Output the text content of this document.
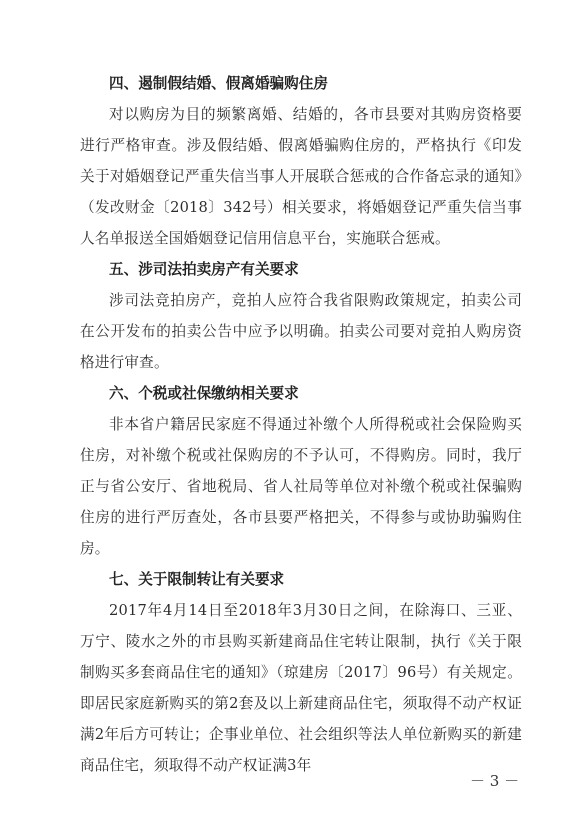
四、遏制假结婚、假离婚骗购住房
对以购房为目的频繁离婚、结婚的，各市县要对其购房资格要进行严格审查。涉及假结婚、假离婚骗购住房的，严格执行《印发关于对婚姻登记严重失信当事人开展联合惩戒的合作备忘录的通知》（发改财金〔2018〕342号）相关要求，将婚姻登记严重失信当事人名单报送全国婚姻登记信用信息平台，实施联合惩戒。
五、涉司法拍卖房产有关要求
涉司法竞拍房产，竞拍人应符合我省限购政策规定，拍卖公司在公开发布的拍卖公告中应予以明确。拍卖公司要对竞拍人购房资格进行审查。
六、个税或社保缴纳相关要求
非本省户籍居民家庭不得通过补缴个人所得税或社会保险购买住房，对补缴个税或社保购房的不予认可，不得购房。同时，我厅正与省公安厅、省地税局、省人社局等单位对补缴个税或社保骗购住房的进行严厉查处，各市县要严格把关，不得参与或协助骗购住房。
七、关于限制转让有关要求
2017年4月14日至2018年3月30日之间，在除海口、三亚、万宁、陵水之外的市县购买新建商品住宅转让限制，执行《关于限制购买多套商品住宅的通知》（琼建房〔2017〕96号）有关规定。即居民家庭新购买的第2套及以上新建商品住宅，须取得不动产权证满2年后方可转让；企事业单位、社会组织等法人单位新购买的新建商品住宅，须取得不动产权证满3年
－ 3 －
